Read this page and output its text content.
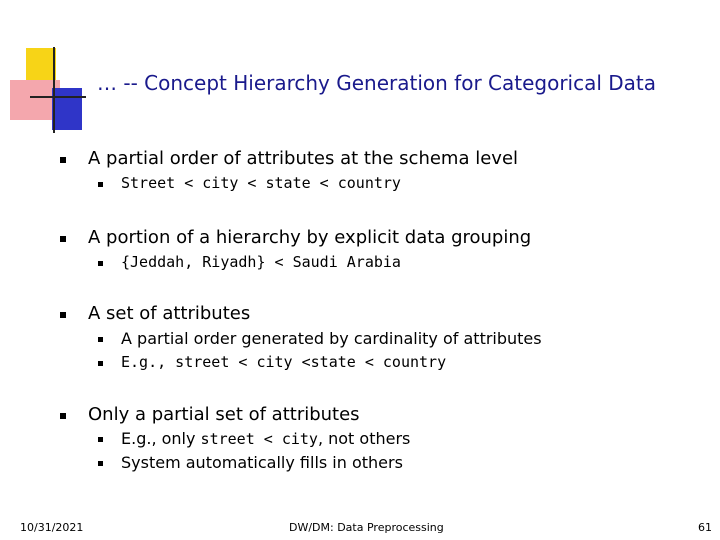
… -- Concept Hierarchy Generation for Categorical Data
A partial order of attributes at the schema level
Street < city < state < country
A portion of a hierarchy by explicit data grouping
{Jeddah, Riyadh} < Saudi Arabia
A set of attributes
A partial order generated by cardinality of attributes
E.g., street < city <state < country
Only a partial set of attributes
E.g., only street < city, not others
System automatically fills in others
10/31/2021	DW/DM: Data Preprocessing	61
